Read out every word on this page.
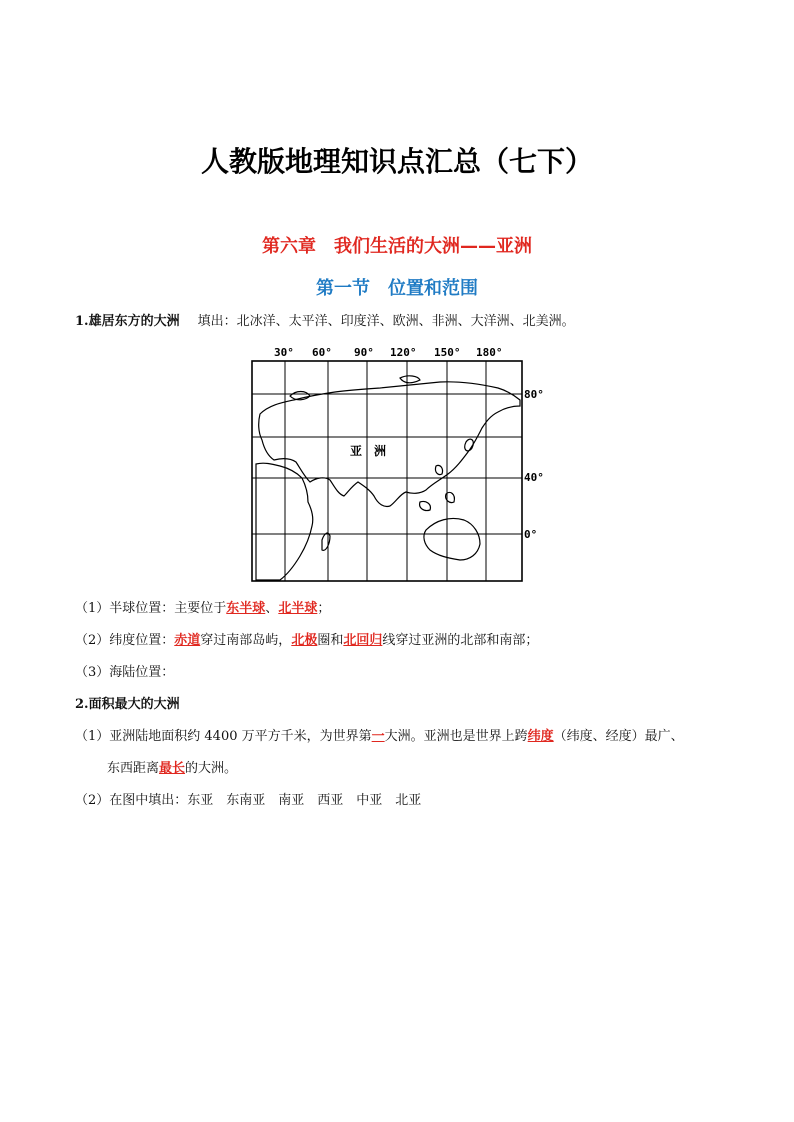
人教版地理知识点汇总（七下）
第六章　我们生活的大洲——亚洲
第一节　位置和范围
1.雄居东方的大洲 填出：北冰洋、太平洋、印度洋、欧洲、非洲、大洋洲、北美洲。
30° 60° 90° 120° 150° 180°
80°
40°
0°
亚　洲
（1）半球位置：主要位于东半球、北半球；
（2）纬度位置：赤道穿过南部岛屿，北极圈和北回归线穿过亚洲的北部和南部；
（3）海陆位置：
2.面积最大的大洲
（1）亚洲陆地面积约 4400 万平方千米，为世界第一大洲。亚洲也是世界上跨纬度（纬度、经度）最广、
东西距离最长的大洲。
（2）在图中填出：东亚　东南亚　南亚　西亚　中亚　北亚
